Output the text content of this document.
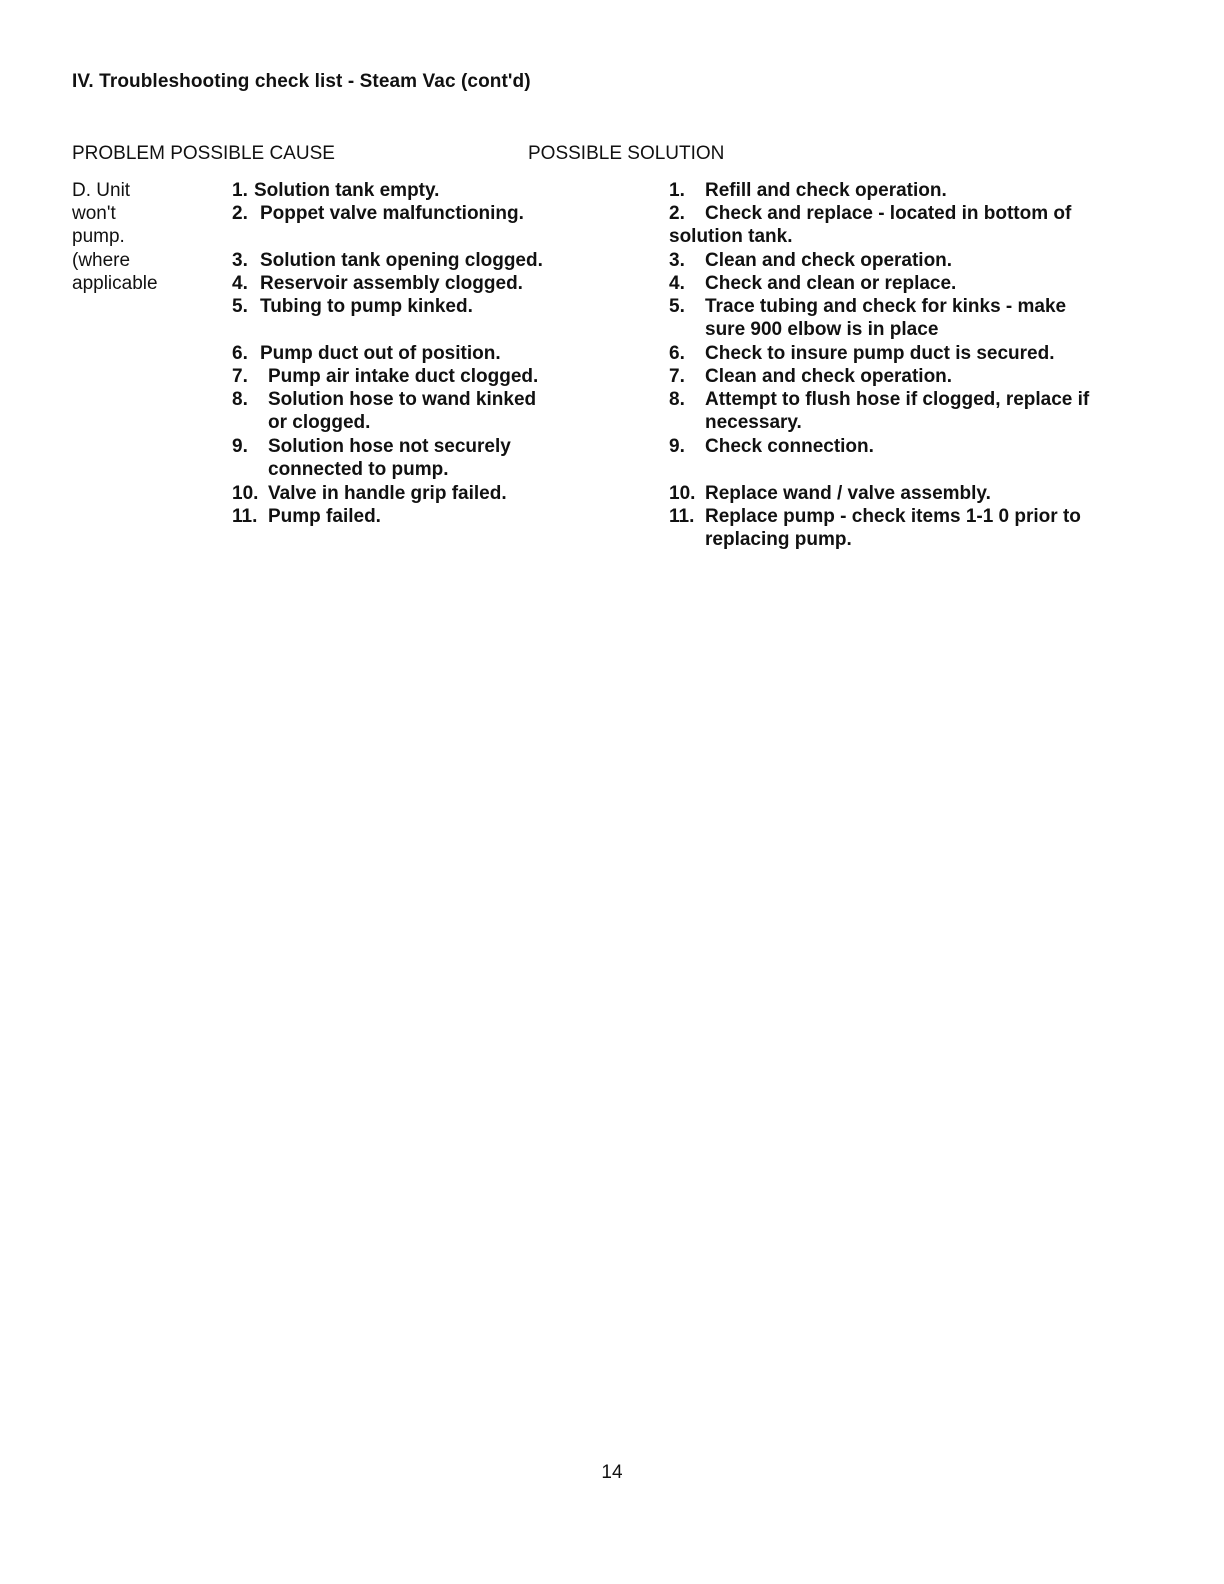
IV. Troubleshooting check list - Steam Vac (cont'd)
PROBLEM POSSIBLE CAUSE	POSSIBLE SOLUTION
D. Unit
won't
pump.
(where
applicable
1. Solution tank empty.
2. Poppet valve malfunctioning.
3. Solution tank opening clogged.
4. Reservoir assembly clogged.
5. Tubing to pump kinked.
6. Pump duct out of position.
7. Pump air intake duct clogged.
8. Solution hose to wand kinked
or clogged.
9. Solution hose not securely
connected to pump.
10. Valve in handle grip failed.
11. Pump failed.
1. Refill and check operation.
2. Check and replace - located in bottom of
solution tank.
3. Clean and check operation.
4. Check and clean or replace.
5. Trace tubing and check for kinks - make
sure 900 elbow is in place
6. Check to insure pump duct is secured.
7. Clean and check operation.
8. Attempt to flush hose if clogged, replace if
necessary.
9. Check connection.
10. Replace wand / valve assembly.
11. Replace pump - check items 1-1 0 prior to
replacing pump.
14
